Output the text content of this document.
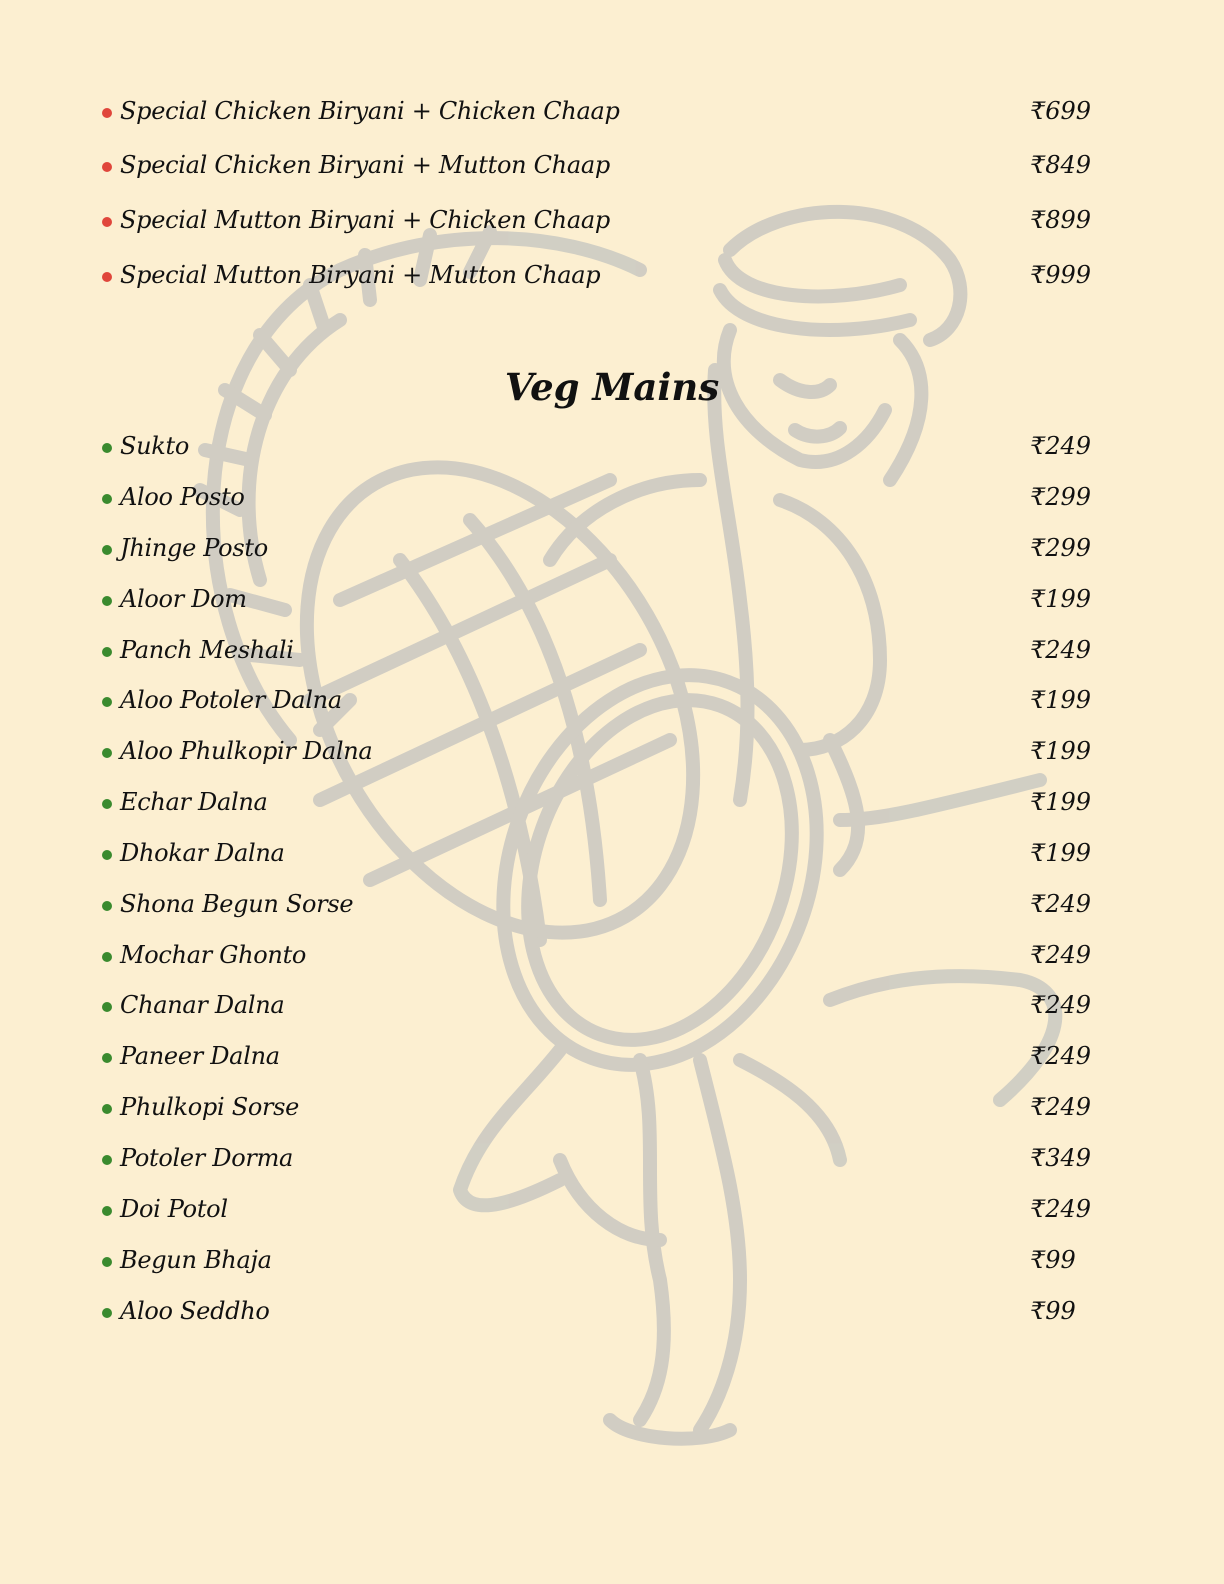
Special Chicken Biryani + Chicken Chaap	₹699
Special Chicken Biryani + Mutton Chaap	₹849
Special Mutton Biryani + Chicken Chaap	₹899
Special Mutton Biryani + Mutton Chaap	₹999
Veg Mains
Sukto	₹249
Aloo Posto	₹299
Jhinge Posto	₹299
Aloor Dom	₹199
Panch Meshali	₹249
Aloo Potoler Dalna	₹199
Aloo Phulkopir Dalna	₹199
Echar Dalna	₹199
Dhokar Dalna	₹199
Shona Begun Sorse	₹249
Mochar Ghonto	₹249
Chanar Dalna	₹249
Paneer Dalna	₹249
Phulkopi Sorse	₹249
Potoler Dorma	₹349
Doi Potol	₹249
Begun Bhaja	₹99
Aloo Seddho	₹99
